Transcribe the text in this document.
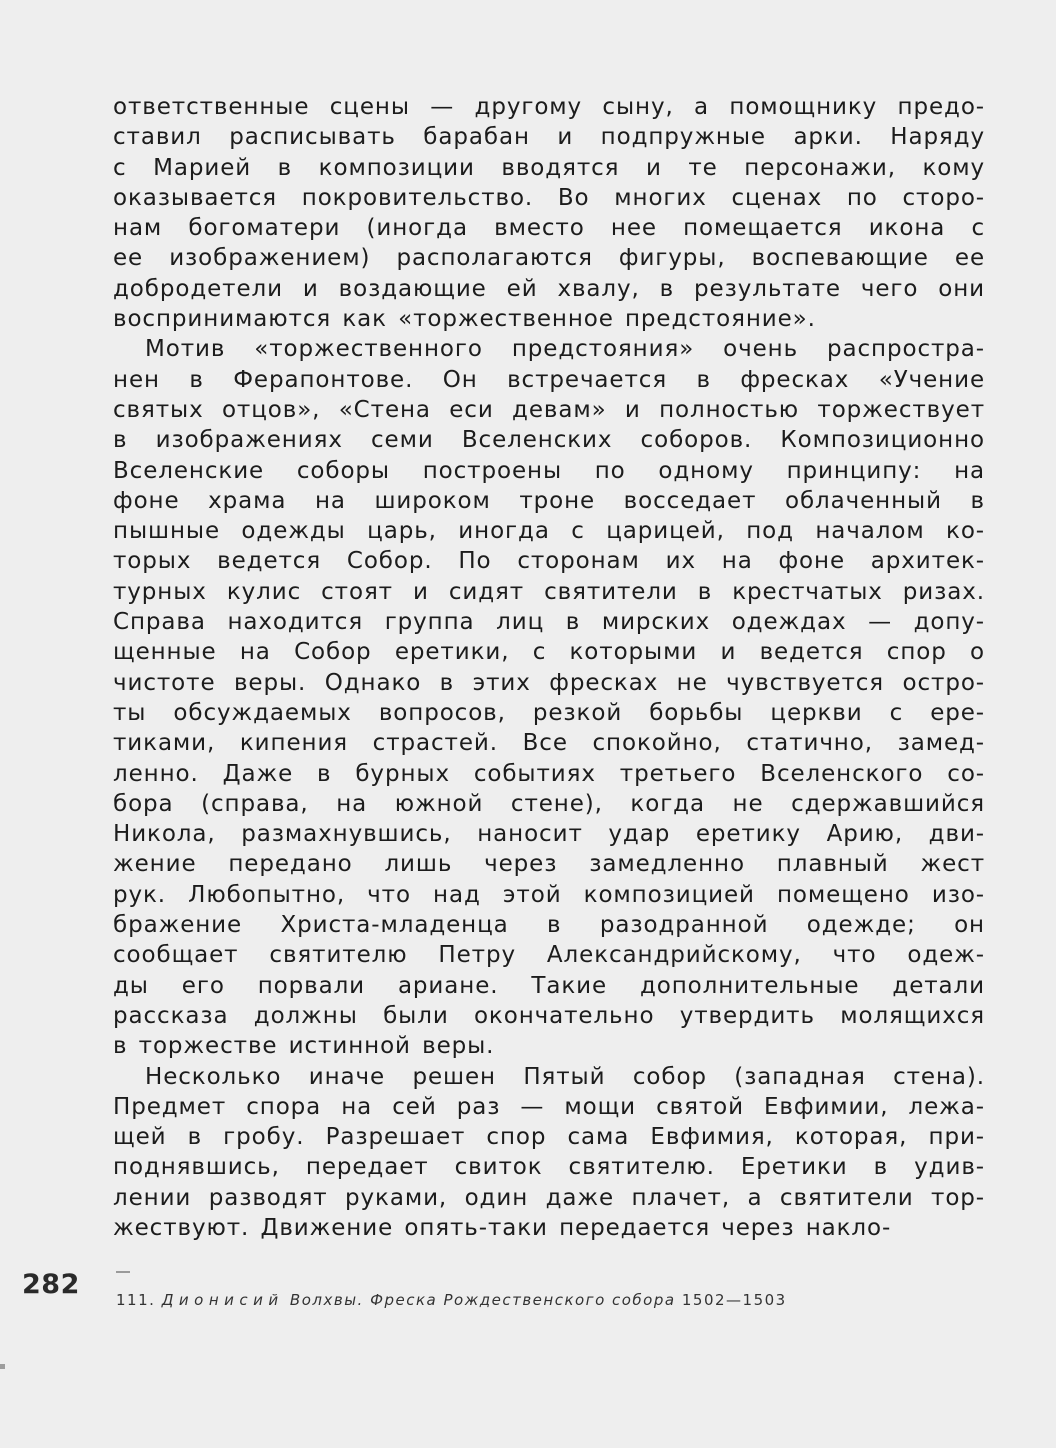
ответственные сцены — другому сыну, а помощнику предо-
ставил расписывать барабан и подпружные арки. Наряду
с Марией в композиции вводятся и те персонажи, кому
оказывается покровительство. Во многих сценах по сторо-
нам богоматери (иногда вместо нее помещается икона с
ее изображением) располагаются фигуры, воспевающие ее
добродетели и воздающие ей хвалу, в результате чего они
воспринимаются как «торжественное предстояние».
Мотив «торжественного предстояния» очень распростра-
нен в Ферапонтове. Он встречается в фресках «Учение
святых отцов», «Стена еси девам» и полностью торжествует
в изображениях семи Вселенских соборов. Композиционно
Вселенские соборы построены по одному принципу: на
фоне храма на широком троне восседает облаченный в
пышные одежды царь, иногда с царицей, под началом ко-
торых ведется Собор. По сторонам их на фоне архитек-
турных кулис стоят и сидят святители в крестчатых ризах.
Справа находится группа лиц в мирских одеждах — допу-
щенные на Собор еретики, с которыми и ведется спор о
чистоте веры. Однако в этих фресках не чувствуется остро-
ты обсуждаемых вопросов, резкой борьбы церкви с ере-
тиками, кипения страстей. Все спокойно, статично, замед-
ленно. Даже в бурных событиях третьего Вселенского со-
бора (справа, на южной стене), когда не сдержавшийся
Никола, размахнувшись, наносит удар еретику Арию, дви-
жение передано лишь через замедленно плавный жест
рук. Любопытно, что над этой композицией помещено изо-
бражение Христа-младенца в разодранной одежде; он
сообщает святителю Петру Александрийскому, что одеж-
ды его порвали ариане. Такие дополнительные детали
рассказа должны были окончательно утвердить молящихся
в торжестве истинной веры.
Несколько иначе решен Пятый собор (западная стена).
Предмет спора на сей раз — мощи святой Евфимии, лежа-
щей в гробу. Разрешает спор сама Евфимия, которая, при-
поднявшись, передает свиток святителю. Еретики в удив-
лении разводят руками, один даже плачет, а святители тор-
жествуют. Движение опять-таки передается через накло-
282 111. Дионисий Волхвы. Фреска Рождественского собора 1502—1503
